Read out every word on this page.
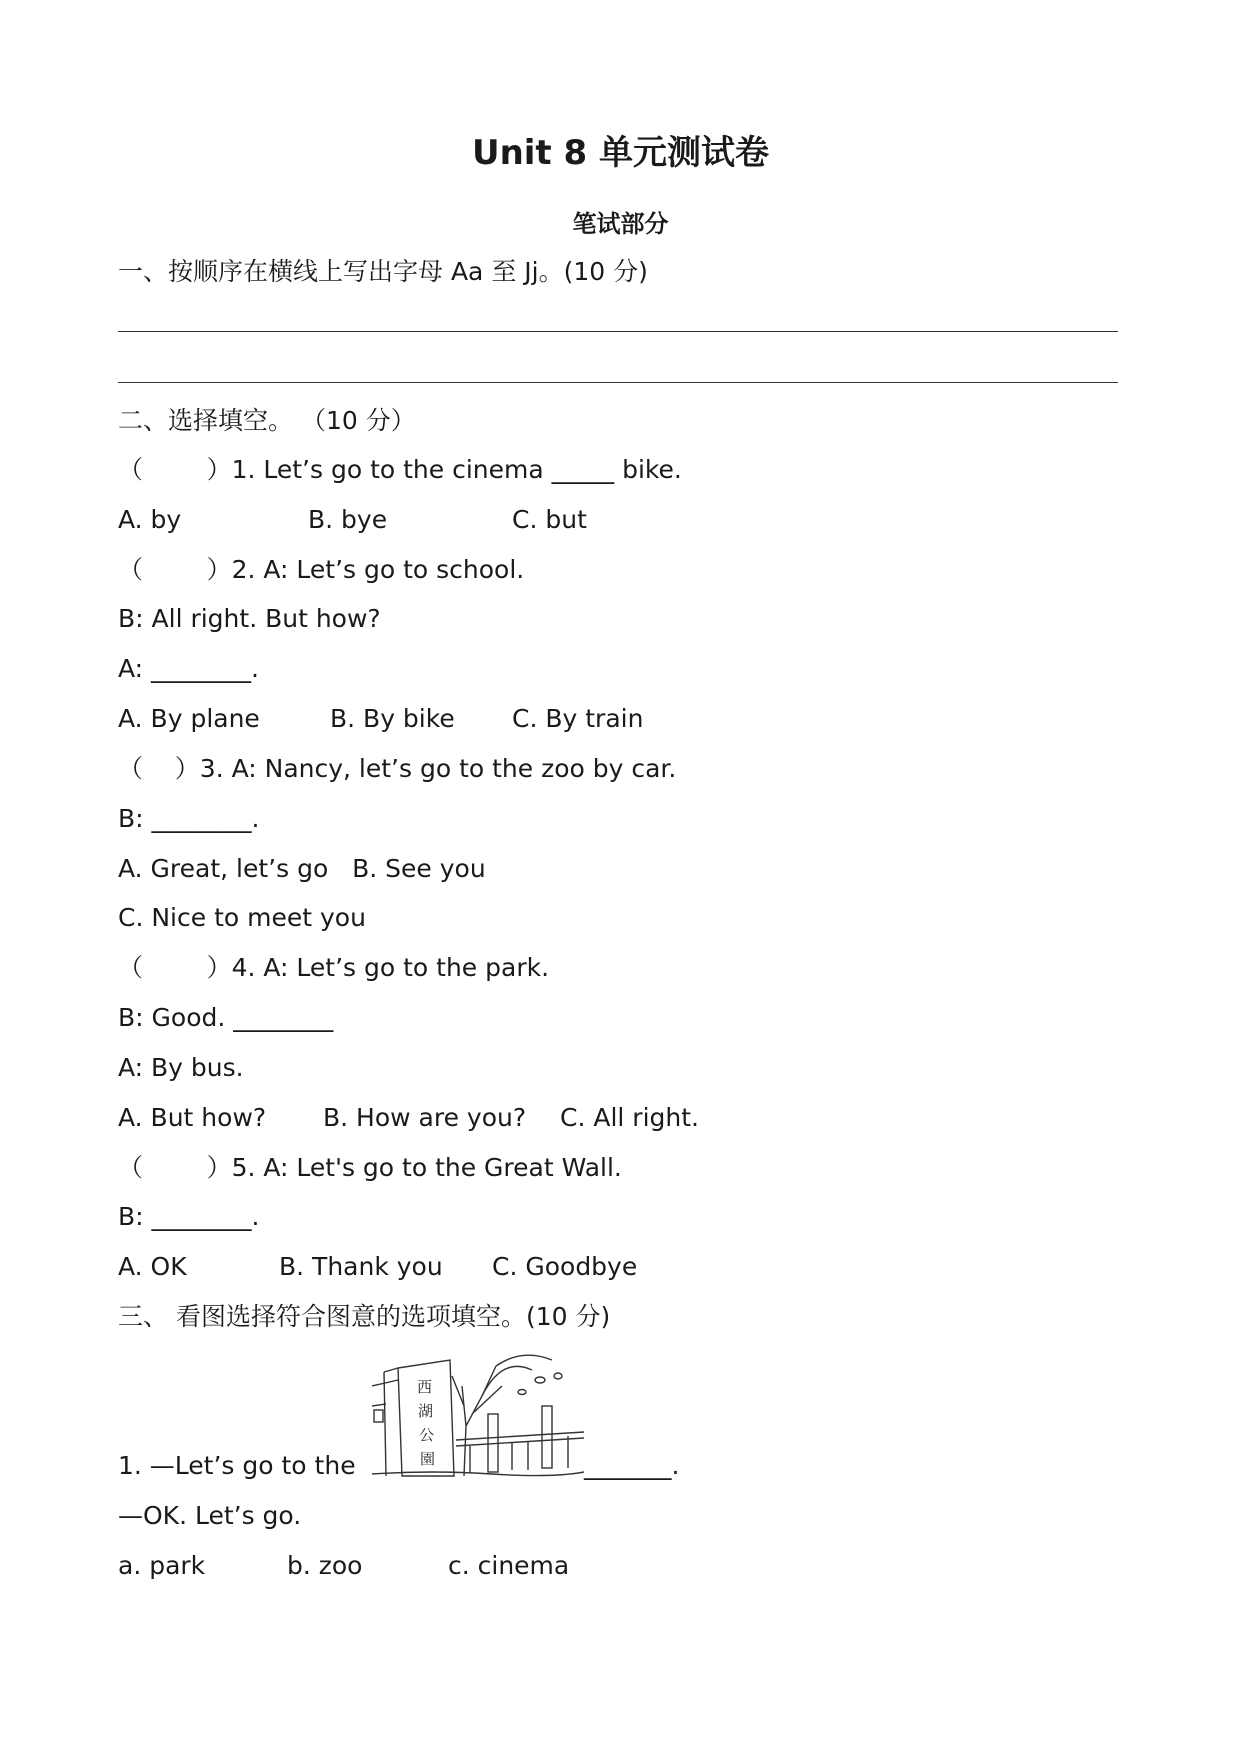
Unit 8 单元测试卷
笔试部分
一、按顺序在横线上写出字母 Aa 至 Jj。(10 分)
二、选择填空。 （10 分）
（        ）1. Let’s go to the cinema _____ bike.
A. by	B. bye	C. but
（        ）2. A: Let’s go to school.
B: All right. But how?
A: ________.
A. By plane	B. By bike C. By train
（    ）3. A: Nancy, let’s go to the zoo by car.
B: ________.
A. Great, let’s go   B. See you
C. Nice to meet you
（        ）4. A: Let’s go to the park.
B: Good. ________
A: By bus.
A. But how? B. How are you? C. All right.
（        ）5. A: Let's go to the Great Wall.
B: ________.
A. OK	B. Thank you C. Goodbye
三、 看图选择符合图意的选项填空。(10 分)
西
湖
公
園
1. —Let’s go to the	_______.
—OK. Let’s go.
a. park	b. zoo	c. cinema
